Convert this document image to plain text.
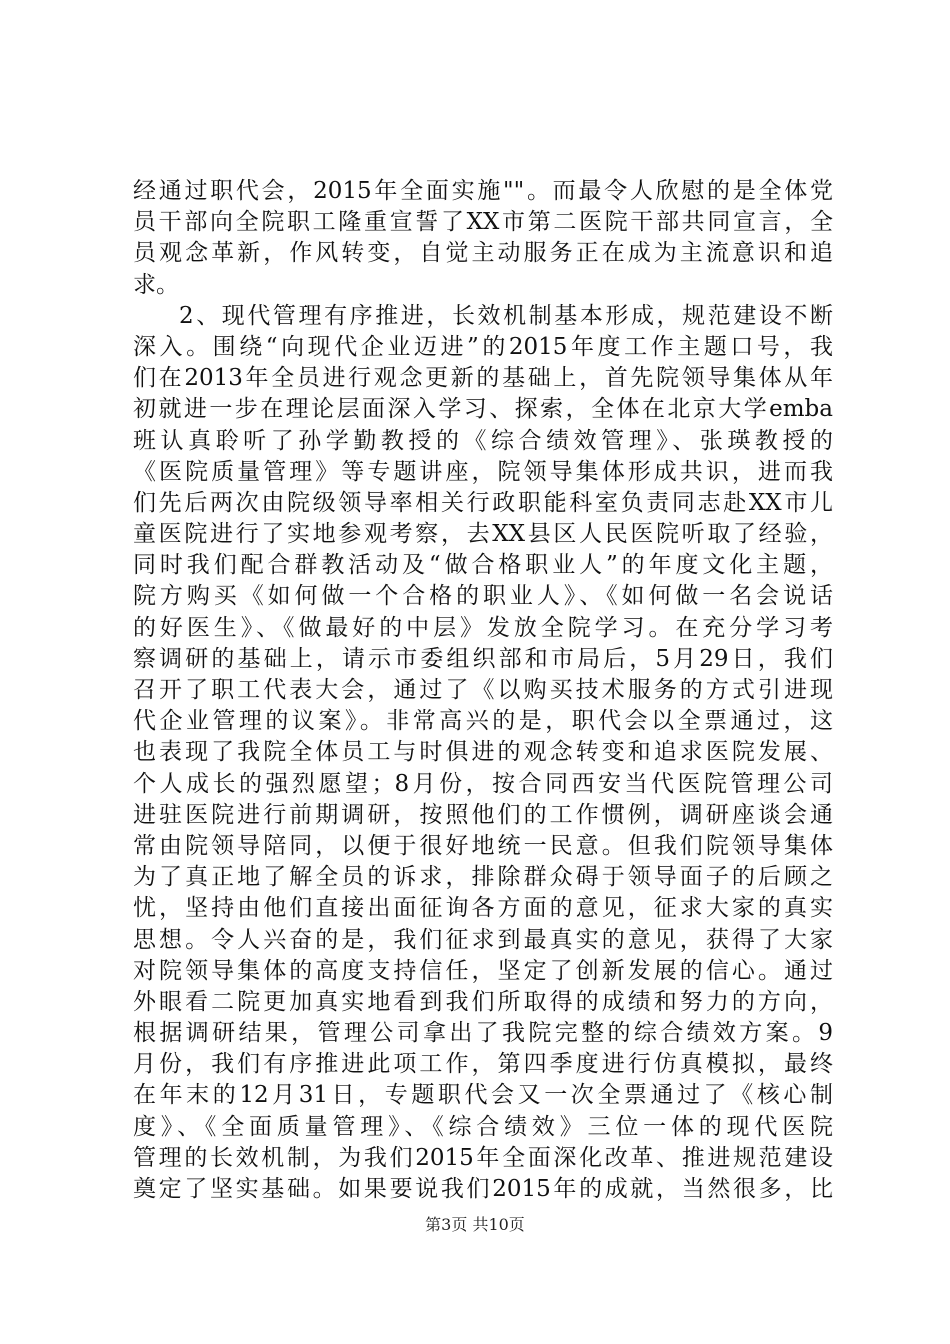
经通过职代会，2015年全面实施""。而最令人欣慰的是全体党
员干部向全院职工隆重宣誓了XX市第二医院干部共同宣言，全
员观念革新，作风转变，自觉主动服务正在成为主流意识和追
求。
2、现代管理有序推进，长效机制基本形成，规范建设不断
深入。围绕“向现代企业迈进”的2015年度工作主题口号，我
们在2013年全员进行观念更新的基础上，首先院领导集体从年
初就进一步在理论层面深入学习、探索，全体在北京大学emba
班认真聆听了孙学勤教授的《综合绩效管理》、张瑛教授的
《医院质量管理》等专题讲座，院领导集体形成共识，进而我
们先后两次由院级领导率相关行政职能科室负责同志赴XX市儿
童医院进行了实地参观考察，去XX县区人民医院听取了经验，
同时我们配合群教活动及“做合格职业人”的年度文化主题，
院方购买《如何做一个合格的职业人》、《如何做一名会说话
的好医生》、《做最好的中层》发放全院学习。在充分学习考
察调研的基础上，请示市委组织部和市局后，5月29日，我们
召开了职工代表大会，通过了《以购买技术服务的方式引进现
代企业管理的议案》。非常高兴的是，职代会以全票通过，这
也表现了我院全体员工与时俱进的观念转变和追求医院发展、
个人成长的强烈愿望；8月份，按合同西安当代医院管理公司
进驻医院进行前期调研，按照他们的工作惯例，调研座谈会通
常由院领导陪同，以便于很好地统一民意。但我们院领导集体
为了真正地了解全员的诉求，排除群众碍于领导面子的后顾之
忧，坚持由他们直接出面征询各方面的意见，征求大家的真实
思想。令人兴奋的是，我们征求到最真实的意见，获得了大家
对院领导集体的高度支持信任，坚定了创新发展的信心。通过
外眼看二院更加真实地看到我们所取得的成绩和努力的方向，
根据调研结果，管理公司拿出了我院完整的综合绩效方案。9
月份，我们有序推进此项工作，第四季度进行仿真模拟，最终
在年末的12月31日，专题职代会又一次全票通过了《核心制
度》、《全面质量管理》、《综合绩效》三位一体的现代医院
管理的长效机制，为我们2015年全面深化改革、推进规范建设
奠定了坚实基础。如果要说我们2015年的成就，当然很多，比
第3页 共10页
